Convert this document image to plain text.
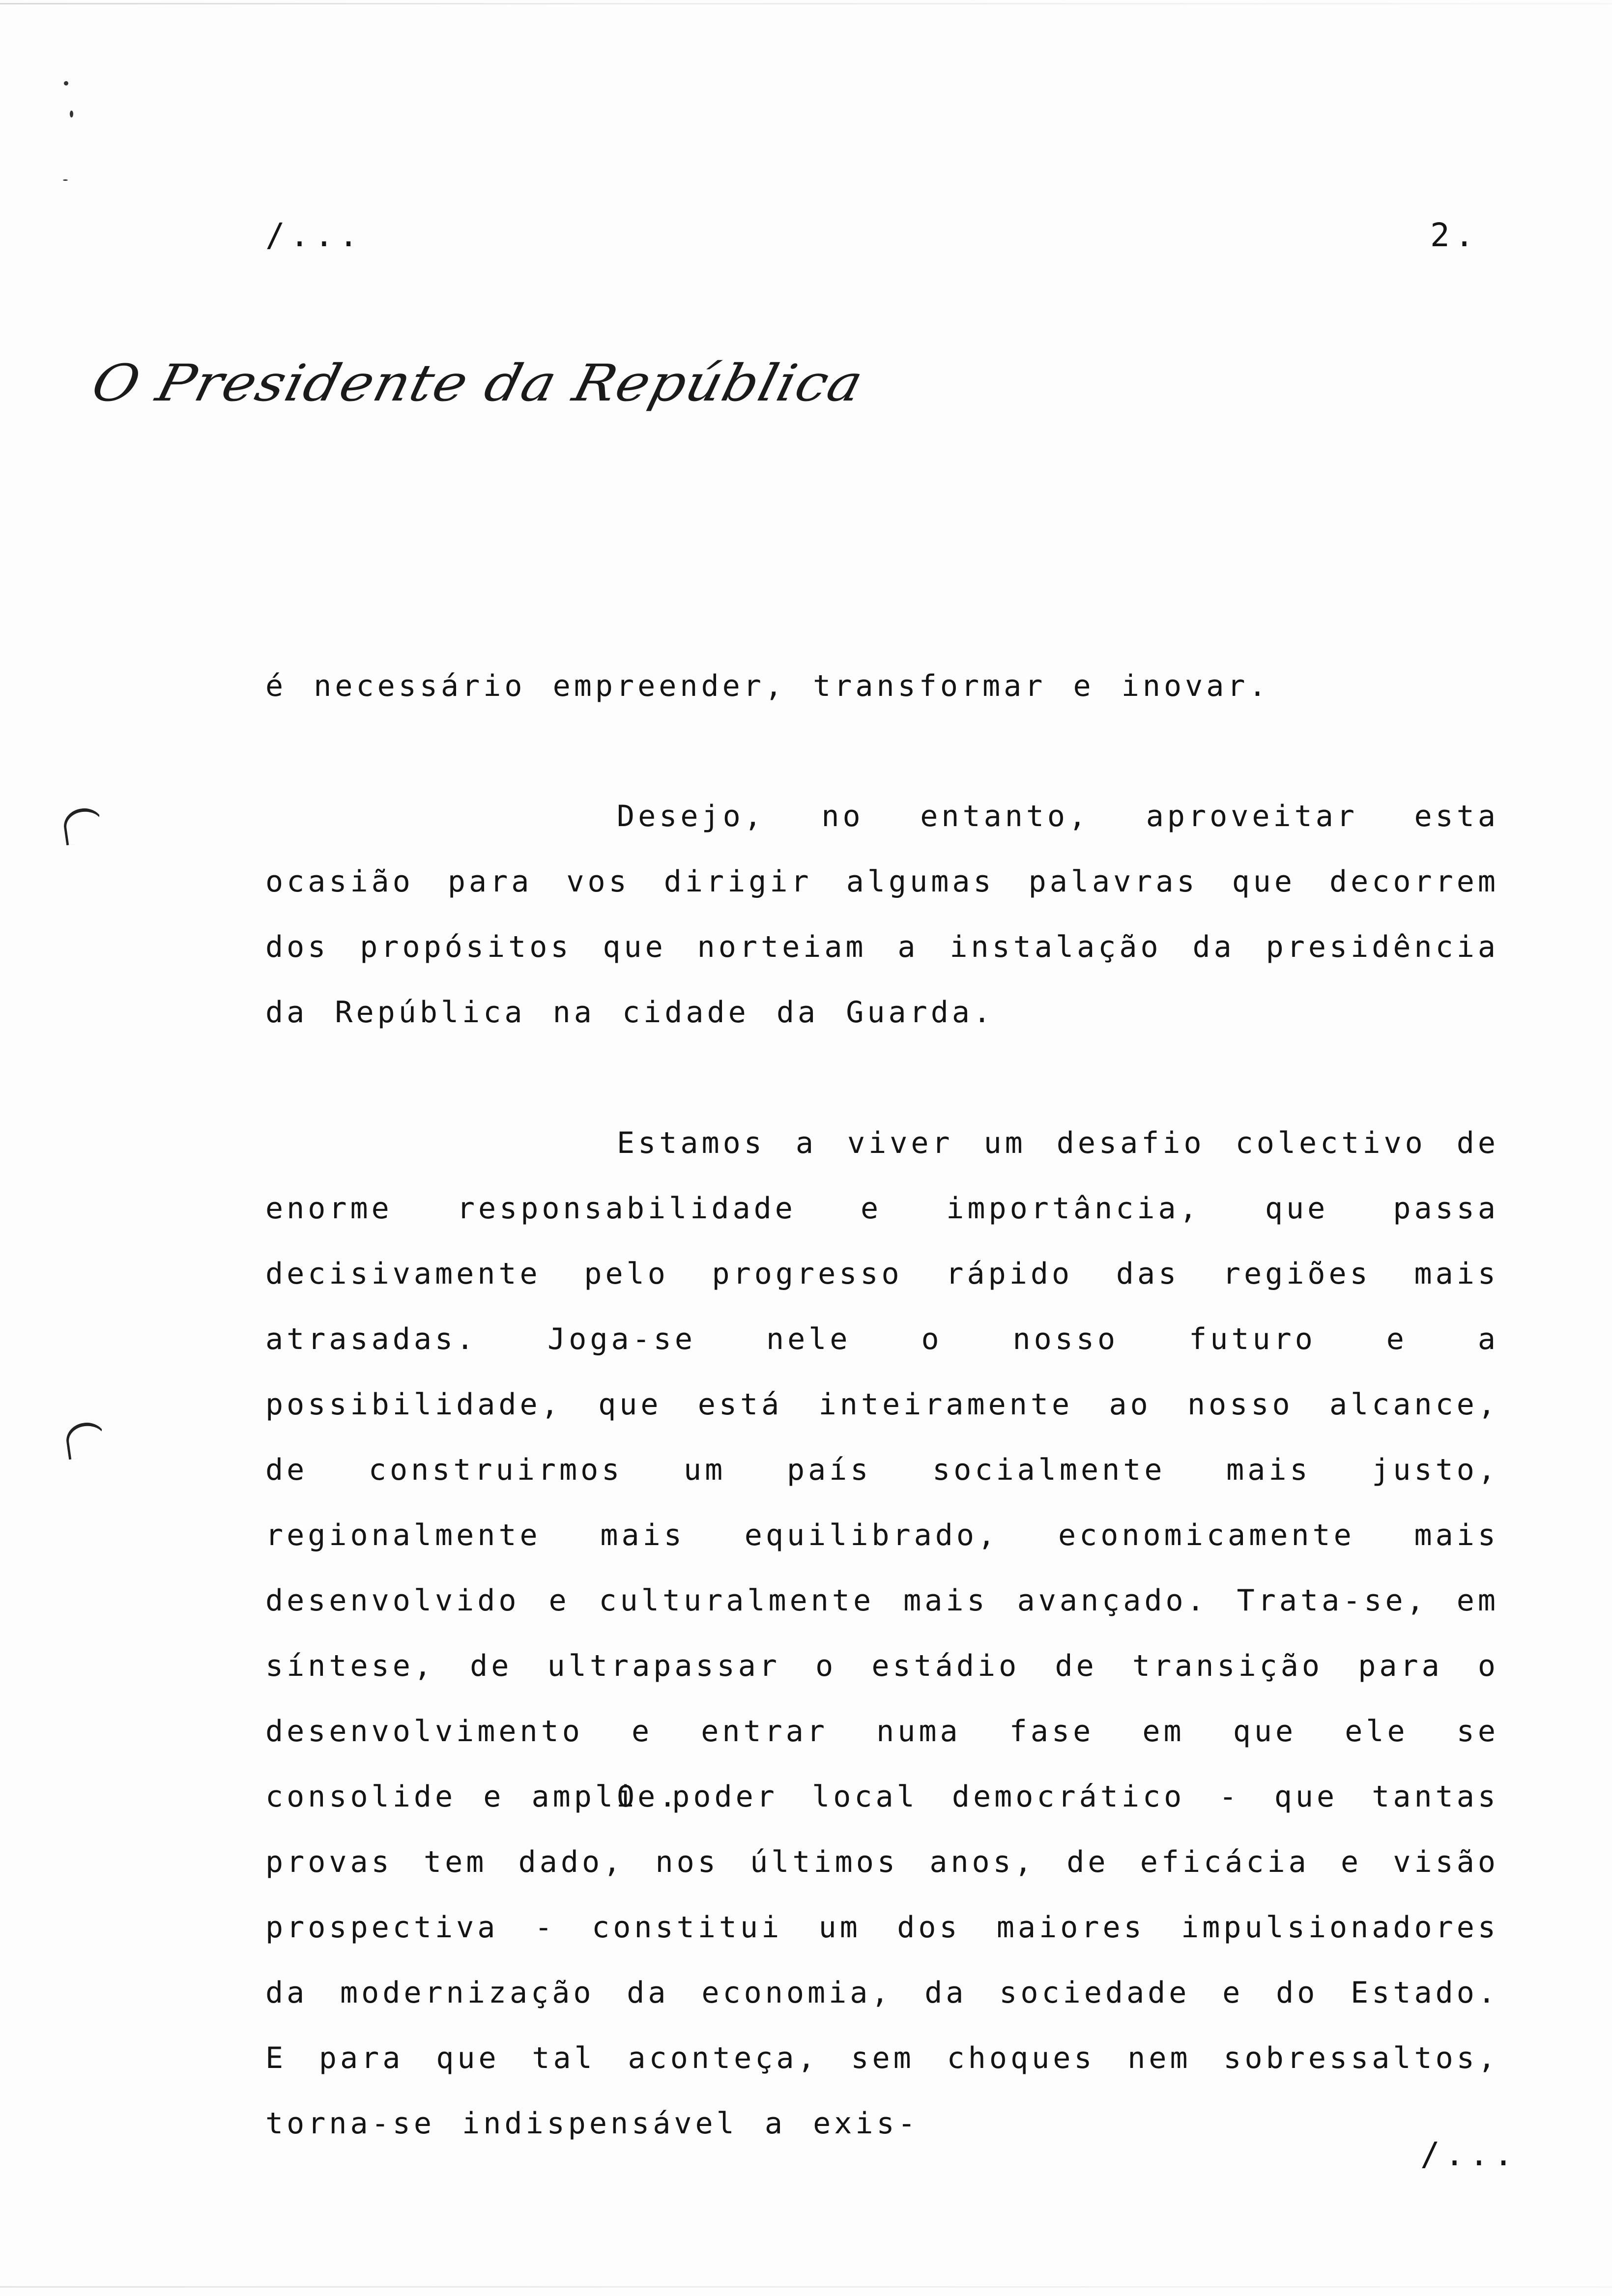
/...	2.
O Presidente da República

é necessário empreender, transformar e inovar.

Desejo, no entanto, aproveitar esta ocasião para vos dirigir algumas palavras que decorrem dos propósitos que norteiam a instalação da presidência da República na cidade da Guarda.

Estamos a viver um desafio colectivo de enorme responsabilidade e importância, que passa decisivamente pelo progresso rápido das regiões mais atrasadas. Joga-se nele o nosso futuro e a possibilidade, que está inteiramente ao nosso alcance, de construirmos um país socialmente mais justo, regionalmente mais equilibrado, economicamente mais desenvolvido e culturalmente mais avançado. Trata-se, em síntese, de ultrapassar o estádio de transição para o desenvolvimento e entrar numa fase em que ele se consolide e amplie.

O poder local democrático - que tantas provas tem dado, nos últimos anos, de eficácia e visão prospectiva - constitui um dos maiores impulsionadores da modernização da economia, da sociedade e do Estado. E para que tal aconteça, sem choques nem sobressaltos, torna-se indispensável a exis-

/...
